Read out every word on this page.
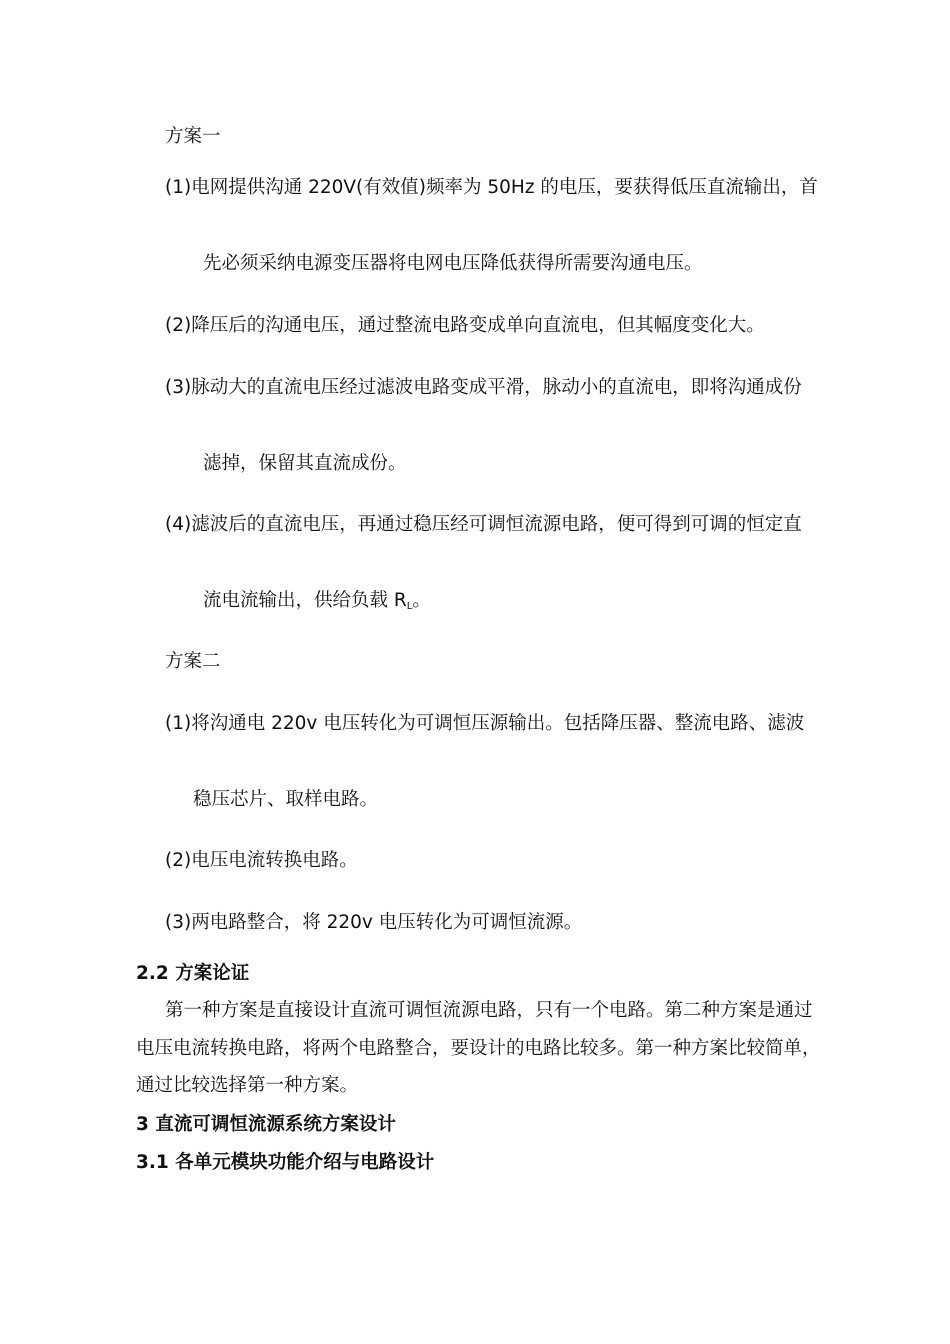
方案一
(1)电网提供沟通 220V(有效值)频率为 50Hz 的电压，要获得低压直流输出，首
先必须采纳电源变压器将电网电压降低获得所需要沟通电压。
(2)降压后的沟通电压，通过整流电路变成单向直流电，但其幅度变化大。
(3)脉动大的直流电压经过滤波电路变成平滑，脉动小的直流电，即将沟通成份
滤掉，保留其直流成份。
(4)滤波后的直流电压，再通过稳压经可调恒流源电路，便可得到可调的恒定直
流电流输出，供给负载 $R_L$。
方案二
(1)将沟通电 220v 电压转化为可调恒压源输出。包括降压器、整流电路、滤波
稳压芯片、取样电路。
(2)电压电流转换电路。
(3)两电路整合，将 220v 电压转化为可调恒流源。
2.2 方案论证
第一种方案是直接设计直流可调恒流源电路，只有一个电路。第二种方案是通过
电压电流转换电路，将两个电路整合，要设计的电路比较多。第一种方案比较简单，
通过比较选择第一种方案。
3 直流可调恒流源系统方案设计
3.1 各单元模块功能介绍与电路设计
